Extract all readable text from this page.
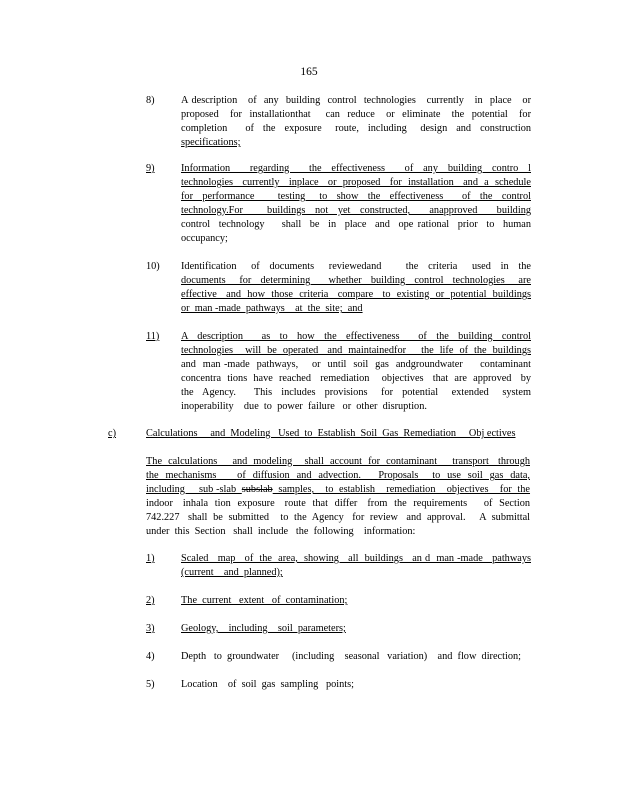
165
8)	A description   of  any  building  control  technologies   currently   in  place   or
proposed   for  installationthat    can  reduce   or  eliminate   the  potential   for
completion    of  the  exposure   route,  including   design  and  construction
specifications;
9)	Information    regarding    the  effectiveness    of  any  building  contro  l
technologies   currently   inplace   or  proposed   for  installation   and  a  schedule
for  performance     testing   to  show  the  effectiveness    of  the  control
technology.For     buildings  not  yet  constructed,    anapproved    building
control  technology    shall  be  in  place  and  ope rational  prior  to  human
occupancy;
10) Identification   of  documents   reviewedand     the  criteria   used  in  the
documents   for  determining    whether  building  control  technologies   are
effective   and  how  those  criteria   compare   to  existing  or  potential  buildings
or  man -made  pathways    at  the  site;  and
11) A  description    as  to  how  the  effectiveness    of  the  building  control
technologies    will  be  operated   and  maintainedfor     the  life  of  the  buildings
and  man -made  pathways,    or  until  soil  gas  andgroundwater     contaminant
concentra  tions  have  reached   remediation    objectives   that  are  approved   by
the  Agency.    This  includes  provisions   for  potential   extended   system
inoperability    due  to  power  failure   or  other  disruption.
c)	Calculations     and  Modeling   Used  to  Establish  Soil  Gas  Remediation     Obj ectives
The  calculations     and  modeling    shall  account  for  contaminant     transport   through
the  mechanisms      of  diffusion  and  advection.     Proposals    to  use  soil  gas  data,
including     sub -slab  subslab  samples,    to  establish    remediation    objectives    for  the
indoor   inhala  tion  exposure   route  that  differ   from  the  requirements     of  Section
742.227   shall  be  submitted    to  the  Agency   for  review   and  approval.     A  submittal
under  this  Section   shall  include   the  following    information:
1)	Scaled   map   of  the  area,  showing   all  buildings   an d  man -made   pathways
(current    and  planned);
2)	The  current   extent   of  contamination;
3)	Geology,    including    soil  parameters;
4)	Depth   to  groundwater     (including    seasonal   variation)    and  flow  direction;
5)	Location    of  soil  gas  sampling   points;
